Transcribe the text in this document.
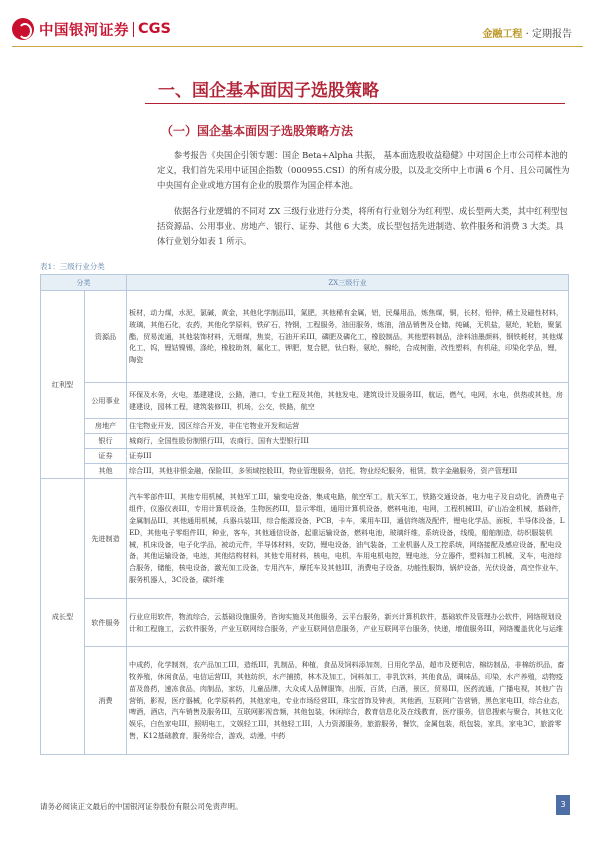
中国银河证券 CGS	金融工程 · 定期报告
一、国企基本面因子选股策略
（一）国企基本面因子选股策略方法
参考报告《央国企引领专题：国企 Beta+Alpha 共振， 基本面选股收益稳健》中对国企上市公司样本池的定义，我们首先采用中证国企指数（000955.CSI）的所有成分股，以及北交所中上市满 6 个月、且公司属性为中央国有企业或地方国有企业的股票作为国企样本池。
依据各行业逻辑的不同对 ZX 三级行业进行分类，将所有行业划分为红利型、成长型两大类，其中红利型包括资源品、公用事业、房地产、银行、证券、其他 6 大类，成长型包括先进制造、软件服务和消费 3 大类。具体行业划分如表 1 所示。
表1：三级行业分类
分类		ZX三级行业
红利型	资源品	板材，动力煤，水泥，氯碱，黄金，其他化学制品III，氮肥，其他稀有金属，铝，民爆用品，炼焦煤，铜，长材，铅锌，稀土及磁性材料，玻璃，其他石化，农药，其他化学原料，铁矿石，特钢，工程服务，油田服务，炼油，油品销售及仓储，纯碱，无机盐，氨纶，轮胎，聚氯酯，贸易流通，其他装饰材料，无烟煤，焦炭，石油开采III，磷肥及磷化工，橡胶制品，其他塑料制品，涂料油墨颜料，钢铁耗材，其他煤化工，钨，锂钴镍锡，涤纶，橡胶助剂，氟化工，钾肥，复合肥，钛白粉，氨纶，棉纶，合成树脂，改性塑料，有机硅，印染化学品，锂，陶瓷
	公用事业	环保及水务，火电，基建建设，公路，港口，专业工程及其他，其他发电，建筑设计及服务III，航运，燃气，电网，水电，供热或其他，房建建设，园林工程，建筑装修III，机场，公交，铁路，航空
	房地产	住宅物业开发，园区综合开发，非住宅物业开发和运营
	银行	城商行，全国性股份制银行III，农商行，国有大型银行III
	证券	证券III
	其他	综合III，其他非银金融，保险III，多领域控股III，物业管理服务，信托，物业经纪服务，租赁，数字金融服务，资产管理III
成长型	先进制造	汽车零部件III，其他专用机械，其他军工III，输变电设备，集成电路，航空军工，航天军工，铁路交通设备，电力电子及自动化，消费电子组件，仪器仪表III，专用计算机设备，生物医药III，显示零组，通用计算机设备，燃料电池，电网，工程机械III，矿山冶金机械，基础件，金属制品III，其他通用机械，兵器兵装III，综合能源设备，PCB，卡车，乘用车III，通信终端及配件，锂电化学品，面板，半导体设备，LED，其他电子零组件III，种业，客车，其他通信设备，起重运输设备，燃料电池，玻璃纤维，系统设备，线缆，船舶制造，纺织服装机械，机床设备，电子化学品，被动元件，半导体材料，安防，锂电设备，油气装备，工业机器人及工控系统，网络接配及感应设备，配电设备，其他运输设备，电池，其他结构材料，其他专用材料，核电，电机，车用电机电控，锂电池，分立器件，塑料加工机械，叉车，电池综合服务，储能，核电设备，激光加工设备，专用汽车，摩托车及其他III，消费电子设备，功能性服饰，锅炉设备，光伏设备，高空作业车，服务机器人，3C设备，碳纤维
	软件服务	行业应用软件，物流综合，云基础设施服务，咨询实施及其他服务，云平台服务，新兴计算机软件，基础软件及管理办公软件，网络规划设计和工程施工，云软件服务，产业互联网综合服务，产业互联网信息服务，产业互联网平台服务，快递，增值服务III，网络覆盖优化与运维
	消费	中成药，化学制剂，农产品加工III，造纸III，乳制品，种植，食品及饲料添加剂，日用化学品，超市及便利店，棉纺制品，非棉纺织品，畜牧养殖，休闲食品，电信运营III，其他纺织，水产捕捞，林木及加工，饲料加工，非乳饮料，其他食品，调味品，印染，水产养殖，动物疫苗及兽药，速冻食品，肉制品，家纺，儿童品牌，大众成人品牌服饰，出版，百货，白酒，景区，贸易III，医药流通，广播电视，其他广告营销，影视，医疗器械，化学原料药，其他家电，专业市场经营III，珠宝首饰及钟表，其他酒，互联网广告营销，黑色家电III，综合业态，啤酒，酒店，汽车销售及服务III，互联网影视音频，其他包装，休闲综合，教育信息化及在线教育，医疗服务，信息搜索与聚合，其他文化娱乐，白色家电III，照明电工，文娱轻工III，其他轻工III，人力资源服务，旅游服务，餐饮，金属包装，纸包装，家具，家电3C，旅游零售，K12基础教育，服务综合，游戏，动漫，中药
请务必阅读正文最后的中国银河证券股份有限公司免责声明。	3
